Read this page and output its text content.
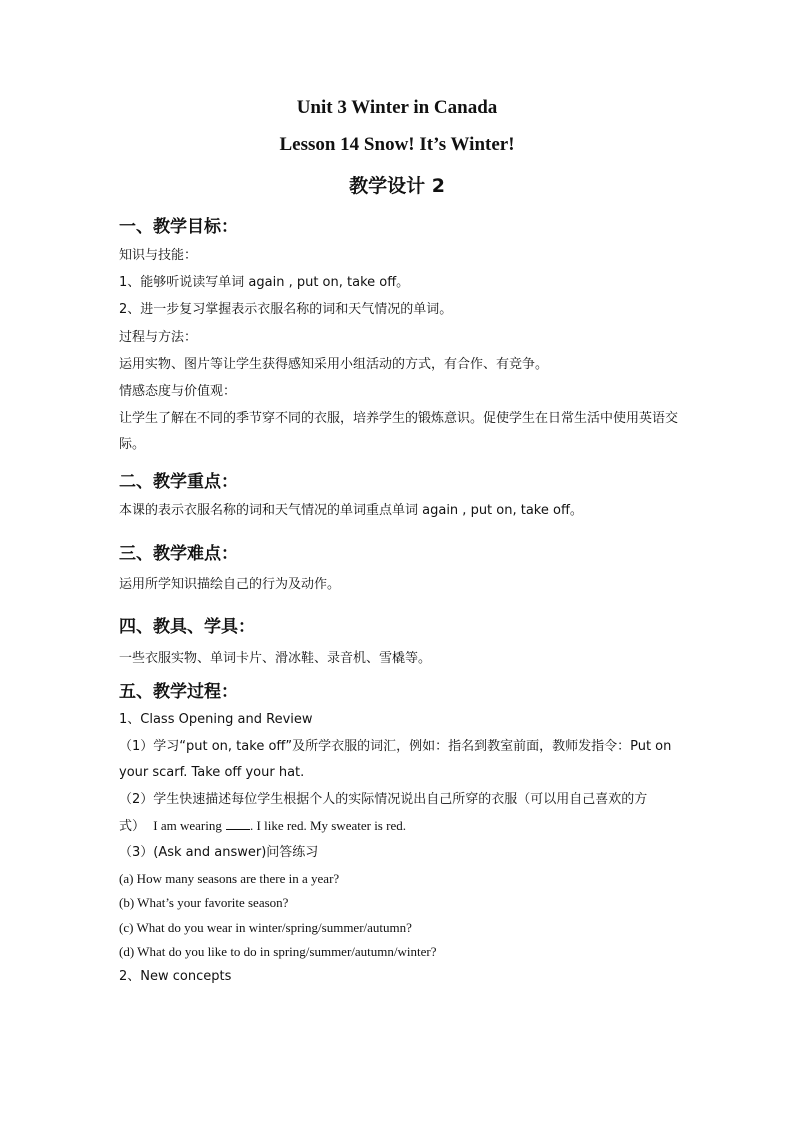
Unit 3 Winter in Canada
Lesson 14 Snow! It’s Winter!
教学设计 2
一、教学目标：
知识与技能：
1、能够听说读写单词 again , put on, take off。
2、进一步复习掌握表示衣服名称的词和天气情况的单词。
过程与方法：
运用实物、图片等让学生获得感知采用小组活动的方式，有合作、有竞争。
情感态度与价值观：
让学生了解在不同的季节穿不同的衣服，培养学生的锻炼意识。促使学生在日常生活中使用英语交际。
二、教学重点：
本课的表示衣服名称的词和天气情况的单词重点单词 again , put on, take off。
三、教学难点：
运用所学知识描绘自己的行为及动作。
四、教具、学具：
一些衣服实物、单词卡片、滑冰鞋、录音机、雪橇等。
五、教学过程：
1、Class Opening and Review
（1）学习“put on, take off”及所学衣服的词汇，例如：指名到教室前面，教师发指令：Put on your scarf. Take off your hat.
（2）学生快速描述每位学生根据个人的实际情况说出自己所穿的衣服（可以用自己喜欢的方式） I am wearing . I like red. My sweater is red.
（3）(Ask and answer)问答练习
(a) How many seasons are there in a year?
(b) What’s your favorite season?
(c) What do you wear in winter/spring/summer/autumn?
(d) What do you like to do in spring/summer/autumn/winter?
2、New concepts
